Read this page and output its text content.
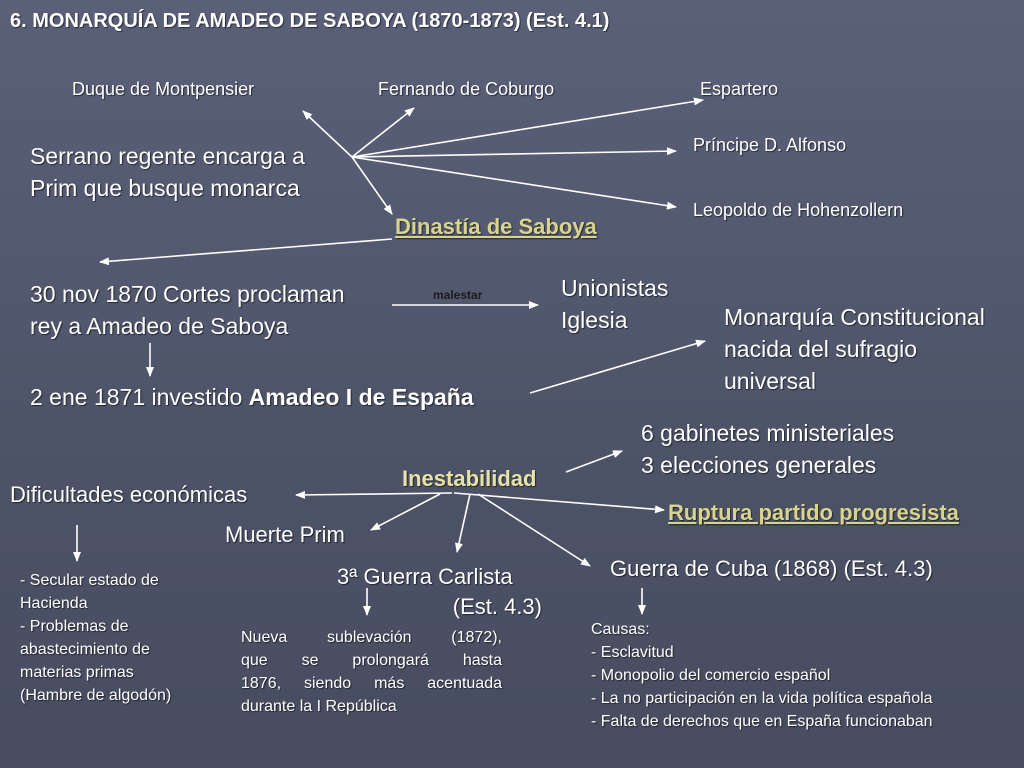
6. MONARQUÍA DE AMADEO DE SABOYA (1870-1873) (Est. 4.1)

Duque de Montpensier	Fernando de Coburgo	Espartero

Príncipe D. Alfonso

Leopoldo de Hohenzollern

Serrano regente encarga a
Prim que busque monarca

Dinastía de Saboya

30 nov 1870 Cortes proclaman
rey a Amadeo de Saboya

malestar	Unionistas
Iglesia	Monarquía Constitucional
nacida del sufragio
universal

2 ene 1871 investido Amadeo I de España

6 gabinetes ministeriales
3 elecciones generales

Inestabilidad

Dificultades económicas

Ruptura partido progresista

Muerte Prim

3ª Guerra Carlista
(Est. 4.3)

Guerra de Cuba (1868) (Est. 4.3)

- Secular estado de
Hacienda
- Problemas de
abastecimiento de
materias primas
(Hambre de algodón)
Nueva sublevación (1872),
que se prolongará hasta
1876, siendo más acentuada
durante la I República
Causas:
- Esclavitud
- Monopolio del comercio español
- La no participación en la vida política española
- Falta de derechos que en España funcionaban
